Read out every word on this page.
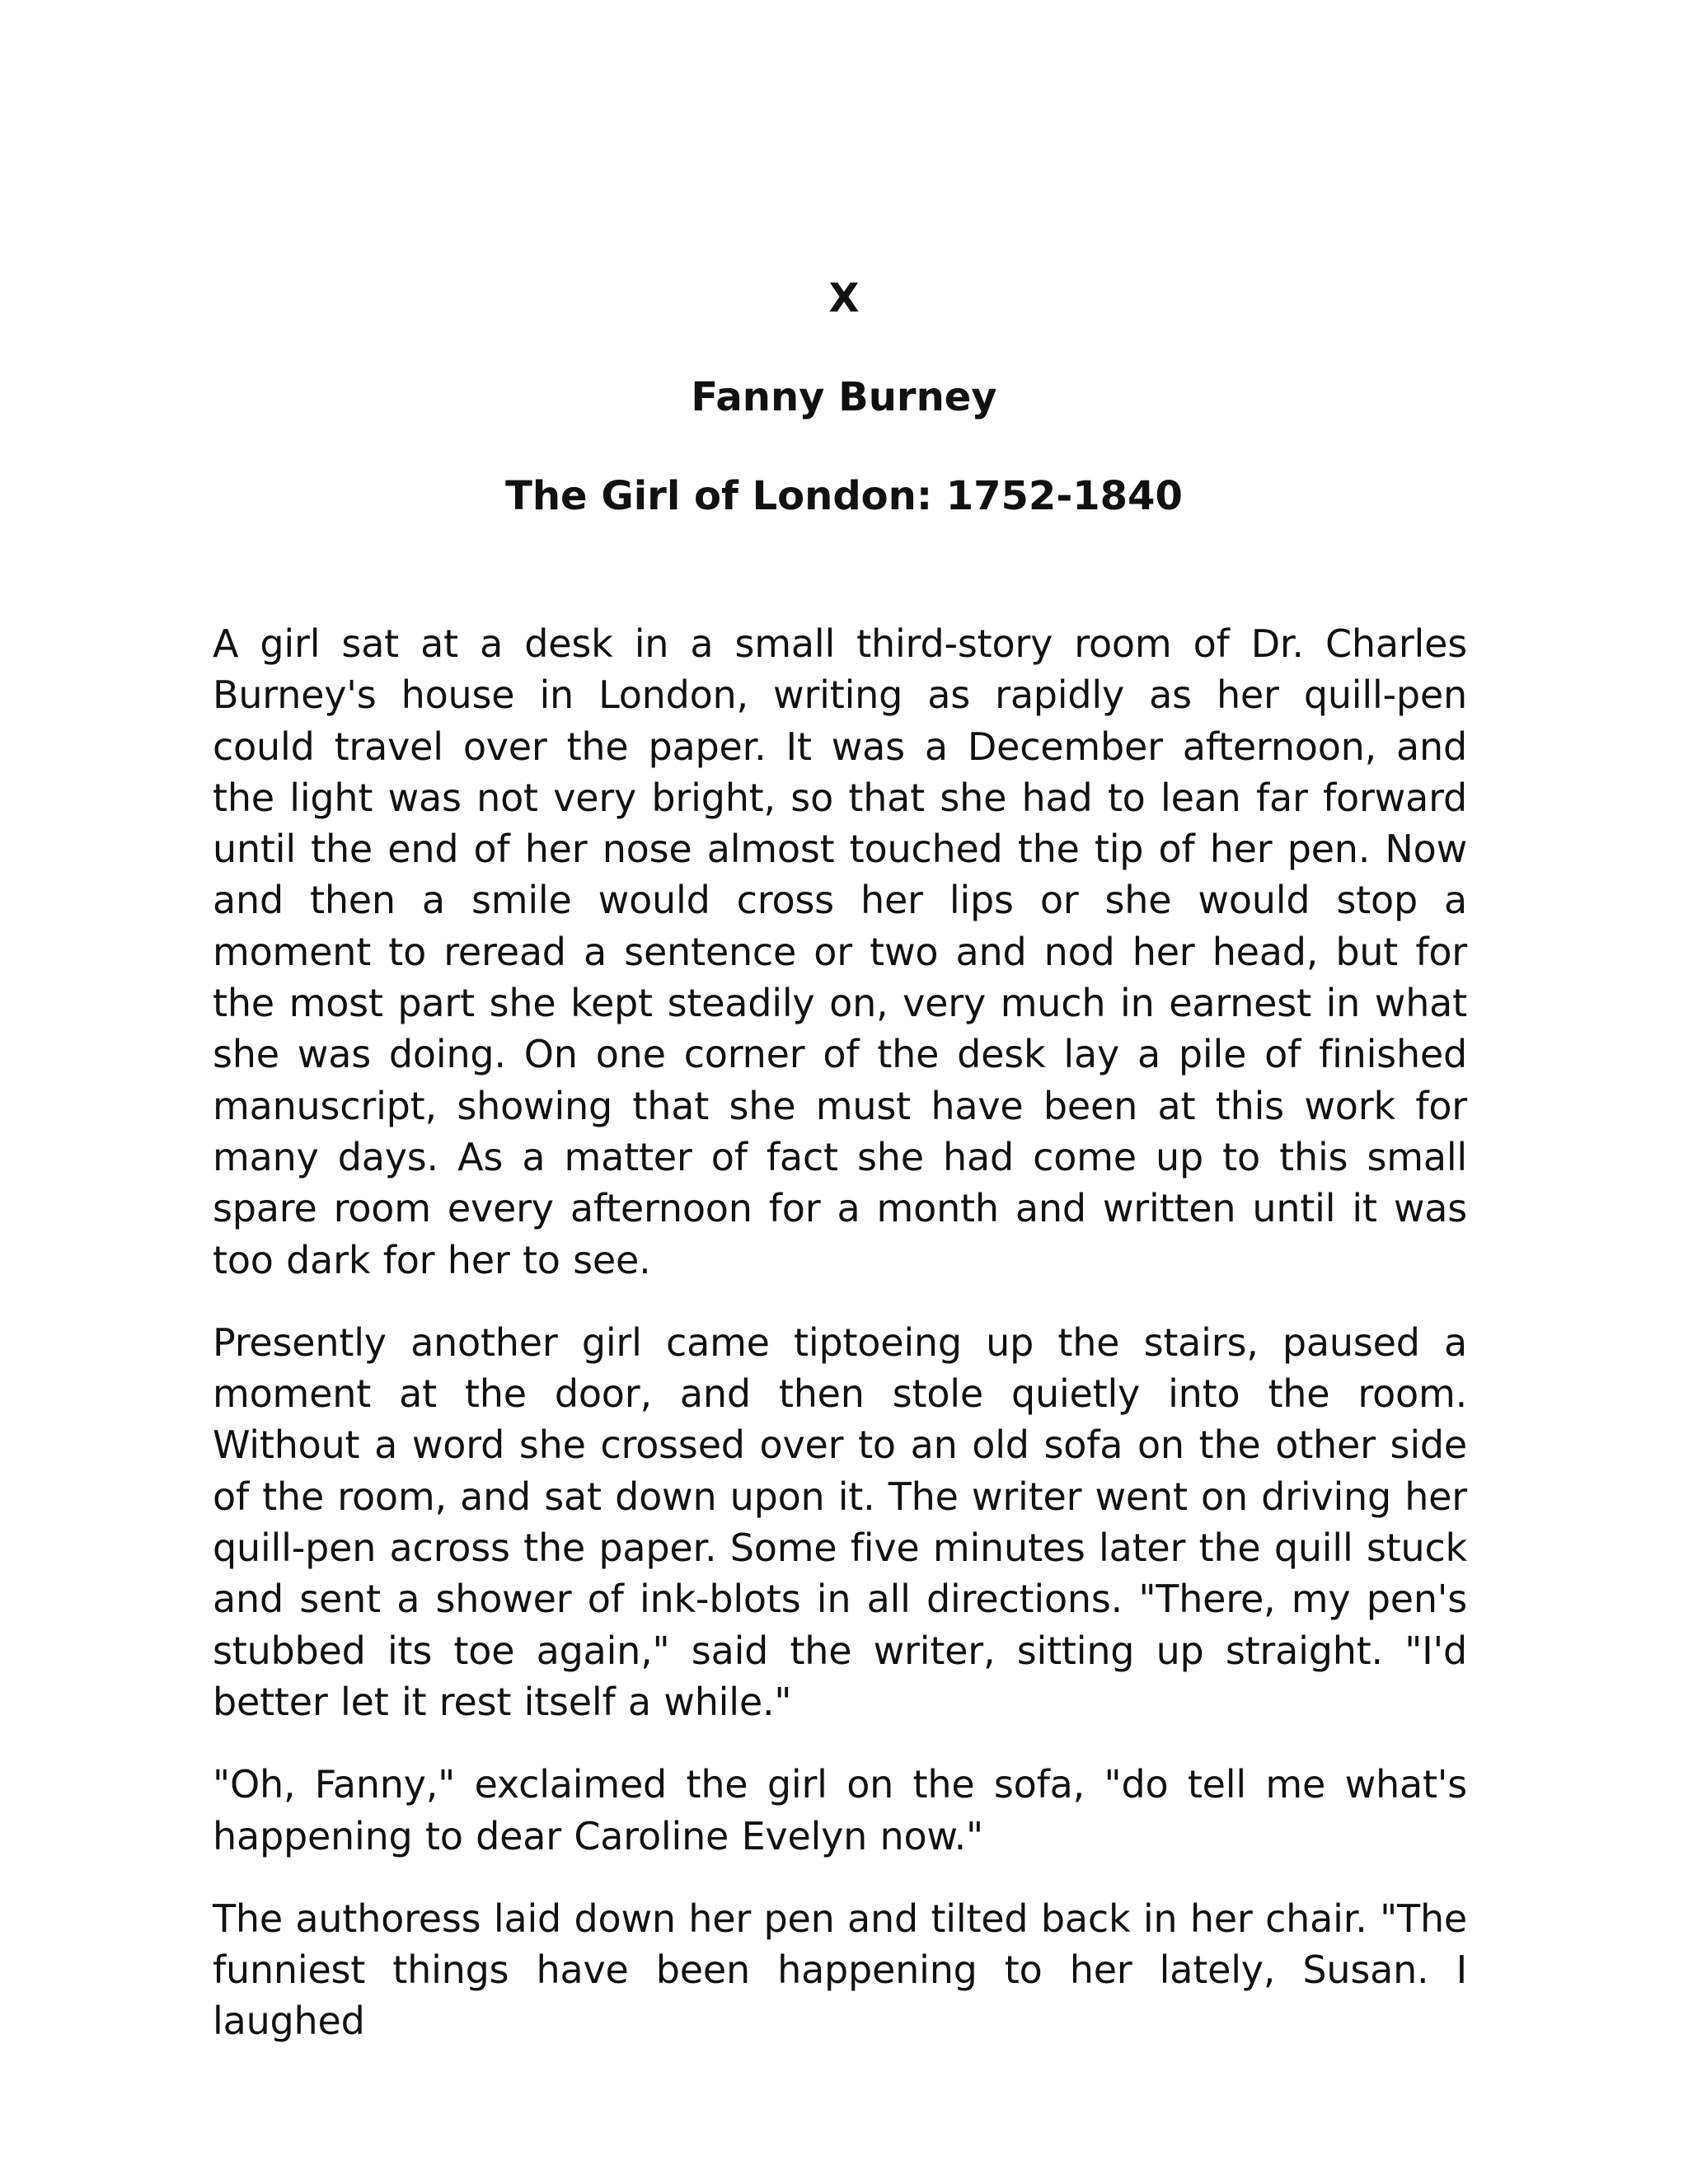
X
Fanny Burney
The Girl of London: 1752-1840

A girl sat at a desk in a small third-story room of Dr. Charles Burney's house in London, writing as rapidly as her quill-pen could travel over the paper. It was a December afternoon, and the light was not very bright, so that she had to lean far forward until the end of her nose almost touched the tip of her pen. Now and then a smile would cross her lips or she would stop a moment to reread a sentence or two and nod her head, but for the most part she kept steadily on, very much in earnest in what she was doing. On one corner of the desk lay a pile of finished manuscript, showing that she must have been at this work for many days. As a matter of fact she had come up to this small spare room every afternoon for a month and written until it was too dark for her to see.

Presently another girl came tiptoeing up the stairs, paused a moment at the door, and then stole quietly into the room. Without a word she crossed over to an old sofa on the other side of the room, and sat down upon it. The writer went on driving her quill-pen across the paper. Some five minutes later the quill stuck and sent a shower of ink-blots in all directions. "There, my pen's stubbed its toe again," said the writer, sitting up straight. "I'd better let it rest itself a while."

"Oh, Fanny," exclaimed the girl on the sofa, "do tell me what's happening to dear Caroline Evelyn now."

The authoress laid down her pen and tilted back in her chair. "The funniest things have been happening to her lately, Susan. I laughed
